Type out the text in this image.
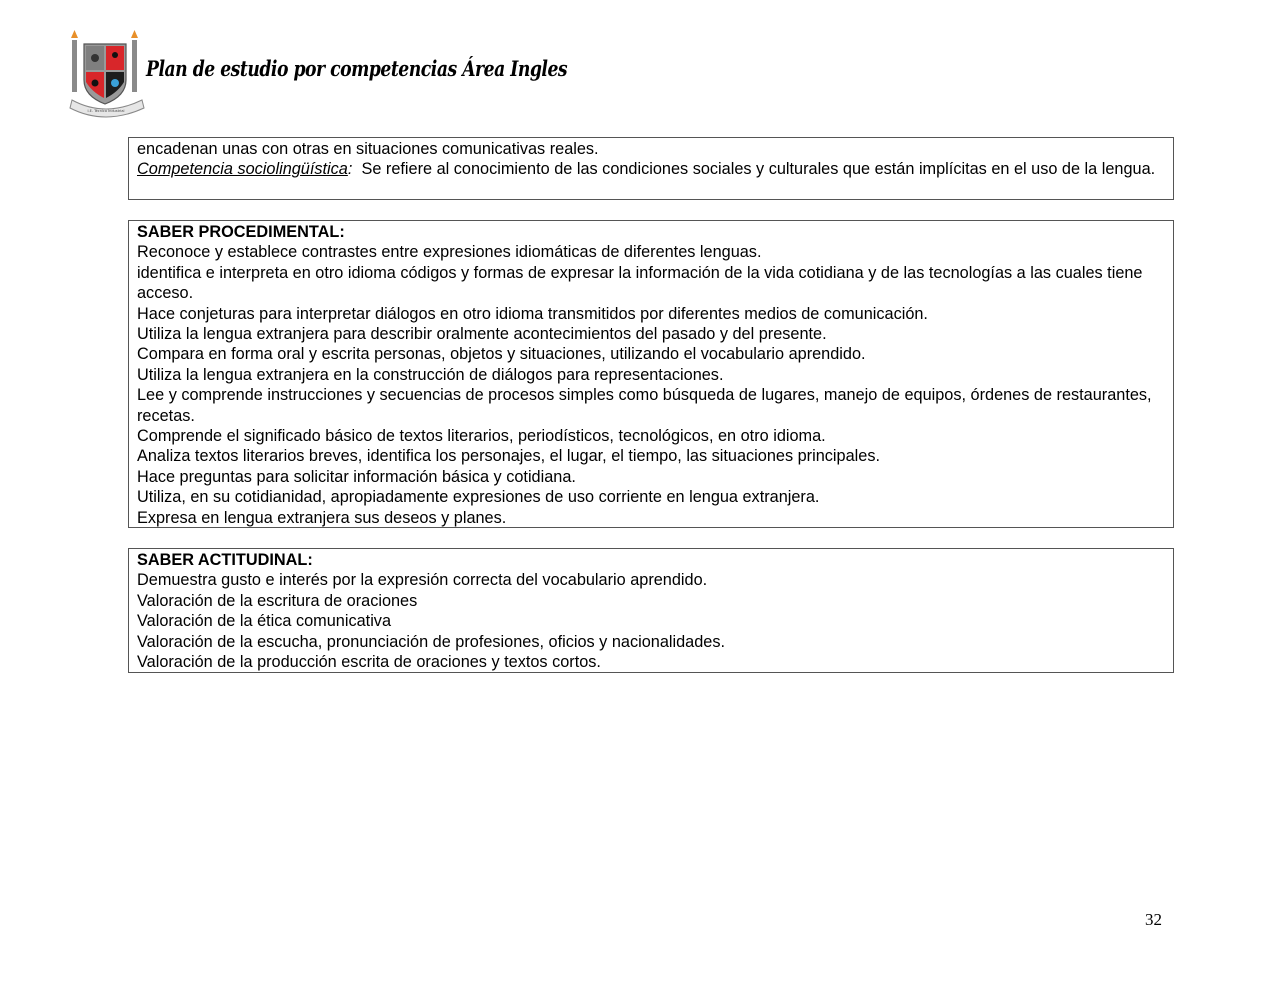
I.E. Técnico Industrial
Plan de estudio por competencias Área Ingles

encadenan unas con otras en situaciones comunicativas reales.

Competencia sociolingüística:  Se refiere al conocimiento de las condiciones sociales y culturales que están implícitas en el uso de la lengua.

SABER PROCEDIMENTAL:

Reconoce y establece contrastes entre expresiones idiomáticas de diferentes lenguas.

identifica e interpreta en otro idioma códigos y formas de expresar la información de la vida cotidiana y de las tecnologías a las cuales tiene acceso.

Hace conjeturas para interpretar diálogos en otro idioma transmitidos por diferentes medios de comunicación.

Utiliza la lengua extranjera para describir oralmente acontecimientos del pasado y del presente.

Compara en forma oral y escrita personas, objetos y situaciones, utilizando el vocabulario aprendido.

Utiliza la lengua extranjera en la construcción de diálogos para representaciones.

Lee y comprende instrucciones y secuencias de procesos simples como búsqueda de lugares, manejo de equipos, órdenes de restaurantes, recetas.

Comprende el significado básico de textos literarios, periodísticos, tecnológicos, en otro idioma.

Analiza textos literarios breves, identifica los personajes, el lugar, el tiempo, las situaciones principales.

Hace preguntas para solicitar información básica y cotidiana.

Utiliza, en su cotidianidad, apropiadamente expresiones de uso corriente en lengua extranjera.

Expresa en lengua extranjera sus deseos y planes.

SABER ACTITUDINAL:

Demuestra gusto e interés por la expresión correcta del vocabulario aprendido.

Valoración de la escritura de oraciones

Valoración de la ética comunicativa

Valoración de la escucha, pronunciación de profesiones, oficios y nacionalidades.

Valoración de la producción escrita de oraciones y textos cortos.

32
